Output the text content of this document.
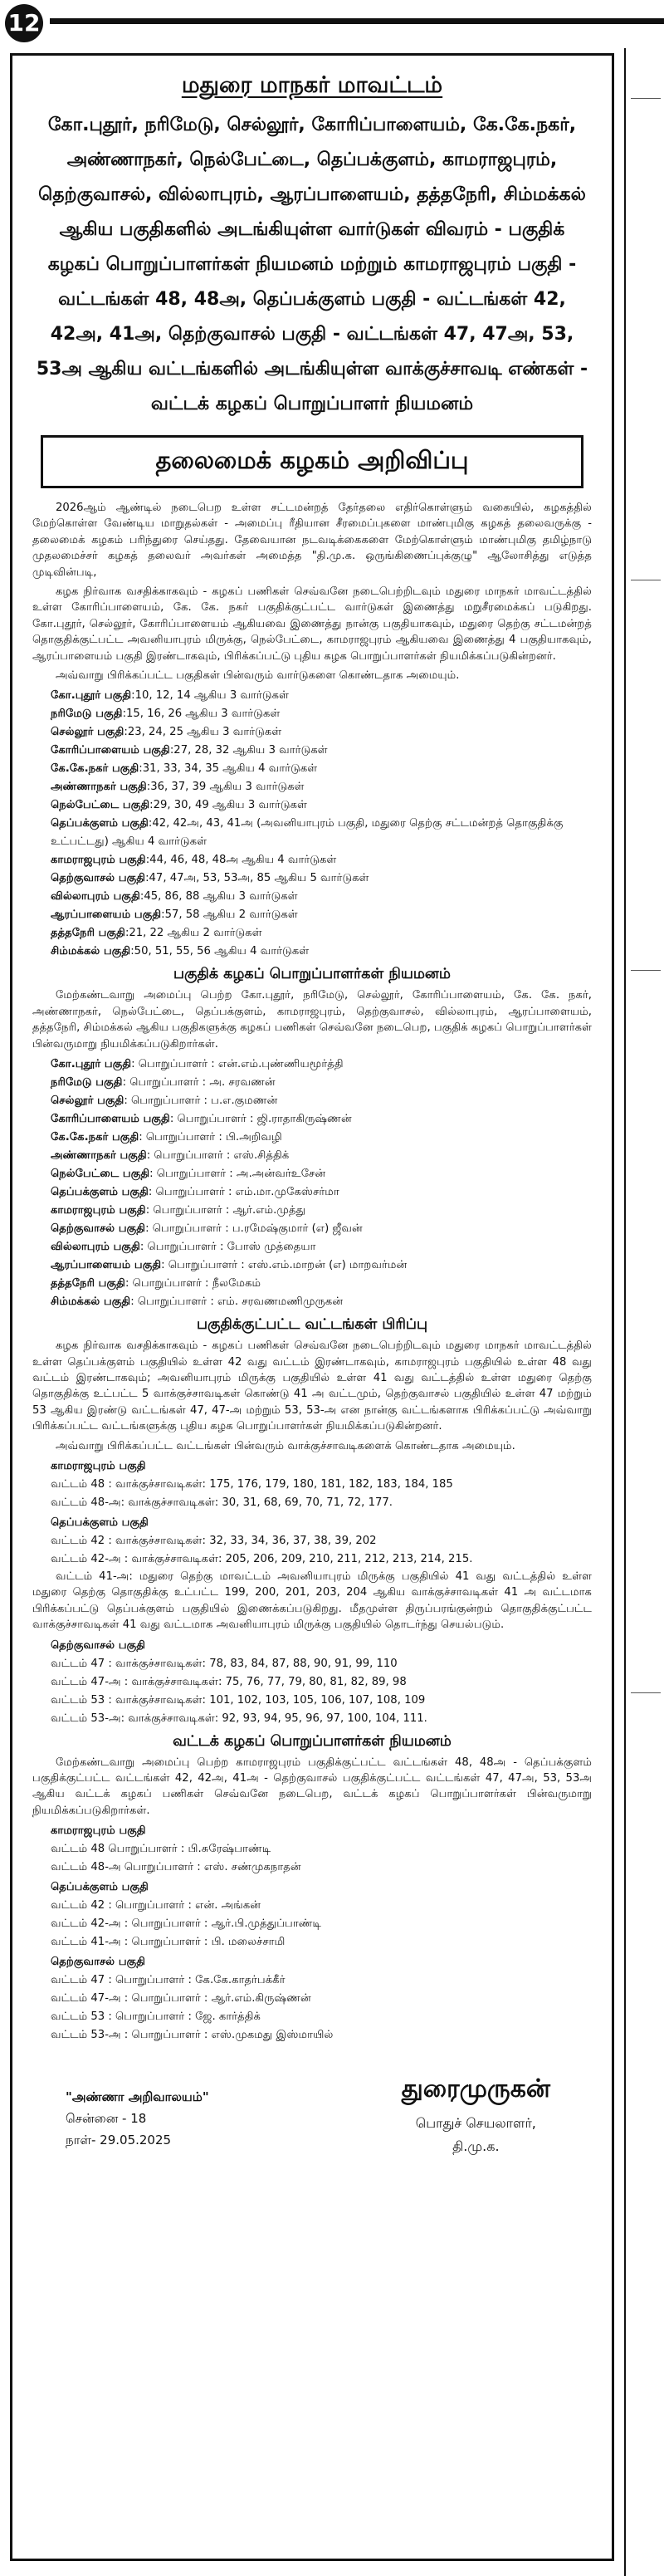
12
மதுரை மாநகர் மாவட்டம்
கோ.புதூர், நரிமேடு, செல்லூர், கோரிப்பாளையம், கே.கே.நகர், அண்ணாநகர், நெல்பேட்டை, தெப்பக்குளம், காமராஜபுரம், தெற்குவாசல், வில்லாபுரம், ஆரப்பாளையம், தத்தநேரி, சிம்மக்கல் ஆகிய பகுதிகளில் அடங்கியுள்ள வார்டுகள் விவரம் - பகுதிக் கழகப் பொறுப்பாளர்கள் நியமனம் மற்றும் காமராஜபுரம் பகுதி - வட்டங்கள் 48, 48அ, தெப்பக்குளம் பகுதி - வட்டங்கள் 42, 42அ, 41அ, தெற்குவாசல் பகுதி - வட்டங்கள் 47, 47அ, 53, 53அ ஆகிய வட்டங்களில் அடங்கியுள்ள வாக்குச்சாவடி எண்கள் - வட்டக் கழகப் பொறுப்பாளர் நியமனம்
தலைமைக் கழகம் அறிவிப்பு

2026ஆம் ஆண்டில் நடைபெற உள்ள சட்டமன்றத் தேர்தலை எதிர்கொள்ளும் வகையில், கழகத்தில் மேற்கொள்ள வேண்டிய மாறுதல்கள் - அமைப்பு ரீதியான சீரமைப்புகளை மாண்புமிகு கழகத் தலைவருக்கு - தலைமைக் கழகம் பரிந்துரை செய்தது. தேவையான நடவடிக்கைகளை மேற்கொள்ளும் மாண்புமிகு தமிழ்நாடு முதலமைச்சர் கழகத் தலைவர் அவர்கள் அமைத்த "தி.மு.க. ஒருங்கிணைப்புக்குழு" ஆலோசித்து எடுத்த முடிவின்படி,

கழக நிர்வாக வசதிக்காகவும் - கழகப் பணிகள் செவ்வனே நடைபெற்றிடவும் மதுரை மாநகர் மாவட்டத்தில் உள்ள கோரிப்பாளையம், கே. கே. நகர் பகுதிக்குட்பட்ட வார்டுகள் இணைத்து மறுசீரமைக்கப் படுகிறது. கோ.புதூர், செல்லூர், கோரிப்பாளையம் ஆகியவை இணைத்து நான்கு பகுதியாகவும், மதுரை தெற்கு சட்டமன்றத் தொகுதிக்குட்பட்ட அவனியாபுரம் மிருக்கு, நெல்பேட்டை, காமராஜபுரம் ஆகியவை இணைத்து 4 பகுதியாகவும், ஆரப்பாளையம் பகுதி இரண்டாகவும், பிரிக்கப்பட்டு புதிய கழக பொறுப்பாளர்கள் நியமிக்கப்படுகின்றனர்.

அவ்வாறு பிரிக்கப்பட்ட பகுதிகள் பின்வரும் வார்டுகளை கொண்டதாக அமையும்.

கோ.புதூர் பகுதி:10, 12, 14 ஆகிய 3 வார்டுகள்
நரிமேடு பகுதி:15, 16, 26 ஆகிய 3 வார்டுகள்
செல்லூர் பகுதி:23, 24, 25 ஆகிய 3 வார்டுகள்
கோரிப்பாளையம் பகுதி:27, 28, 32 ஆகிய 3 வார்டுகள்
கே.கே.நகர் பகுதி:31, 33, 34, 35 ஆகிய 4 வார்டுகள்
அண்ணாநகர் பகுதி:36, 37, 39 ஆகிய 3 வார்டுகள்
நெல்பேட்டை பகுதி:29, 30, 49 ஆகிய 3 வார்டுகள்
தெப்பக்குளம் பகுதி:42, 42அ, 43, 41அ (அவனியாபுரம் பகுதி, மதுரை தெற்கு சட்டமன்றத் தொகுதிக்கு உட்பட்டது) ஆகிய 4 வார்டுகள்
காமராஜபுரம் பகுதி:44, 46, 48, 48அ ஆகிய 4 வார்டுகள்
தெற்குவாசல் பகுதி:47, 47அ, 53, 53அ, 85 ஆகிய 5 வார்டுகள்
வில்லாபுரம் பகுதி:45, 86, 88 ஆகிய 3 வார்டுகள்
ஆரப்பாளையம் பகுதி:57, 58 ஆகிய 2 வார்டுகள்
தத்தநேரி பகுதி:21, 22 ஆகிய 2 வார்டுகள்
சிம்மக்கல் பகுதி:50, 51, 55, 56 ஆகிய 4 வார்டுகள்
பகுதிக் கழகப் பொறுப்பாளர்கள் நியமனம்

மேற்கண்டவாறு அமைப்பு பெற்ற கோ.புதூர், நரிமேடு, செல்லூர், கோரிப்பாளையம், கே. கே. நகர், அண்ணாநகர், நெல்பேட்டை, தெப்பக்குளம், காமராஜபுரம், தெற்குவாசல், வில்லாபுரம், ஆரப்பாளையம், தத்தநேரி, சிம்மக்கல் ஆகிய பகுதிகளுக்கு கழகப் பணிகள் செவ்வனே நடைபெற, பகுதிக் கழகப் பொறுப்பாளர்கள் பின்வருமாறு நியமிக்கப்படுகிறார்கள்.

கோ.புதூர் பகுதி: பொறுப்பாளர் : என்.எம்.புண்ணியமூர்த்தி
நரிமேடு பகுதி: பொறுப்பாளர் : அ. சரவணன்
செல்லூர் பகுதி: பொறுப்பாளர் : ப.எ.குமணன்
கோரிப்பாளையம் பகுதி: பொறுப்பாளர் : ஜி.ராதாகிருஷ்ணன்
கே.கே.நகர் பகுதி: பொறுப்பாளர் : பி.அறிவழி
அண்ணாநகர் பகுதி: பொறுப்பாளர் : எஸ்.சித்திக்
நெல்பேட்டை பகுதி: பொறுப்பாளர் : அ.அன்வர்உசேன்
தெப்பக்குளம் பகுதி: பொறுப்பாளர் : எம்.மா.முகேஸ்சர்மா
காமராஜபுரம் பகுதி: பொறுப்பாளர் : ஆர்.எம்.முத்து
தெற்குவாசல் பகுதி: பொறுப்பாளர் : ப.ரமேஷ்குமார் (எ) ஜீவன்
வில்லாபுரம் பகுதி: பொறுப்பாளர் : போஸ் முத்தையா
ஆரப்பாளையம் பகுதி: பொறுப்பாளர் : எஸ்.எம்.மாறன் (எ) மாறவர்மன்
தத்தநேரி பகுதி: பொறுப்பாளர் : நீலமேகம்
சிம்மக்கல் பகுதி: பொறுப்பாளர் : எம். சரவணமணிமுருகன்
பகுதிக்குட்பட்ட வட்டங்கள் பிரிப்பு

கழக நிர்வாக வசதிக்காகவும் - கழகப் பணிகள் செவ்வனே நடைபெற்றிடவும் மதுரை மாநகர் மாவட்டத்தில் உள்ள தெப்பக்குளம் பகுதியில் உள்ள 42 வது வட்டம் இரண்டாகவும், காமராஜபுரம் பகுதியில் உள்ள 48 வது வட்டம் இரண்டாகவும்; அவனியாபுரம் மிருக்கு பகுதியில் உள்ள 41 வது வட்டத்தில் உள்ள மதுரை தெற்கு தொகுதிக்கு உட்பட்ட 5 வாக்குச்சாவடிகள் கொண்டு 41 அ வட்டமும், தெற்குவாசல் பகுதியில் உள்ள 47 மற்றும் 53 ஆகிய இரண்டு வட்டங்கள் 47, 47-அ மற்றும் 53, 53-அ என நான்கு வட்டங்களாக பிரிக்கப்பட்டு அவ்வாறு பிரிக்கப்பட்ட வட்டங்களுக்கு புதிய கழக பொறுப்பாளர்கள் நியமிக்கப்படுகின்றனர்.

அவ்வாறு பிரிக்கப்பட்ட வட்டங்கள் பின்வரும் வாக்குச்சாவடிகளைக் கொண்டதாக அமையும்.

காமராஜபுரம் பகுதி
வட்டம் 48 : வாக்குச்சாவடிகள்: 175, 176, 179, 180, 181, 182, 183, 184, 185
வட்டம் 48-அ: வாக்குச்சாவடிகள்: 30, 31, 68, 69, 70, 71, 72, 177.
தெப்பக்குளம் பகுதி
வட்டம் 42 : வாக்குச்சாவடிகள்: 32, 33, 34, 36, 37, 38, 39, 202
வட்டம் 42-அ : வாக்குச்சாவடிகள்: 205, 206, 209, 210, 211, 212, 213, 214, 215.

வட்டம் 41-அ: மதுரை தெற்கு மாவட்டம் அவனியாபுரம் மிருக்கு பகுதியில் 41 வது வட்டத்தில் உள்ள மதுரை தெற்கு தொகுதிக்கு உட்பட்ட 199, 200, 201, 203, 204 ஆகிய வாக்குச்சாவடிகள் 41 அ வட்டமாக பிரிக்கப்பட்டு தெப்பக்குளம் பகுதியில் இணைக்கப்படுகிறது. மீதமுள்ள திருப்பரங்குன்றம் தொகுதிக்குட்பட்ட வாக்குச்சாவடிகள் 41 வது வட்டமாக அவனியாபுரம் மிருக்கு பகுதியில் தொடர்ந்து செயல்படும்.

தெற்குவாசல் பகுதி
வட்டம் 47 : வாக்குச்சாவடிகள்: 78, 83, 84, 87, 88, 90, 91, 99, 110
வட்டம் 47-அ : வாக்குச்சாவடிகள்: 75, 76, 77, 79, 80, 81, 82, 89, 98
வட்டம் 53 : வாக்குச்சாவடிகள்: 101, 102, 103, 105, 106, 107, 108, 109
வட்டம் 53-அ: வாக்குச்சாவடிகள்: 92, 93, 94, 95, 96, 97, 100, 104, 111.
வட்டக் கழகப் பொறுப்பாளர்கள் நியமனம்

மேற்கண்டவாறு அமைப்பு பெற்ற காமராஜபுரம் பகுதிக்குட்பட்ட வட்டங்கள் 48, 48அ - தெப்பக்குளம் பகுதிக்குட்பட்ட வட்டங்கள் 42, 42அ, 41அ - தெற்குவாசல் பகுதிக்குட்பட்ட வட்டங்கள் 47, 47அ, 53, 53அ ஆகிய வட்டக் கழகப் பணிகள் செவ்வனே நடைபெற, வட்டக் கழகப் பொறுப்பாளர்கள் பின்வருமாறு நியமிக்கப்படுகிறார்கள்.

காமராஜபுரம் பகுதி
வட்டம் 48 பொறுப்பாளர் : பி.சுரேஷ்பாண்டி
வட்டம் 48-அ பொறுப்பாளர் : எஸ். சண்முகநாதன்
தெப்பக்குளம் பகுதி
வட்டம் 42 : பொறுப்பாளர் : என். அங்கன்
வட்டம் 42-அ : பொறுப்பாளர் : ஆர்.பி.முத்துப்பாண்டி
வட்டம் 41-அ : பொறுப்பாளர் : பி. மலைச்சாமி
தெற்குவாசல் பகுதி
வட்டம் 47 : பொறுப்பாளர் : கே.கே.காதர்பக்கீர்
வட்டம் 47-அ : பொறுப்பாளர் : ஆர்.எம்.கிருஷ்ணன்
வட்டம் 53 : பொறுப்பாளர் : ஜே. கார்த்திக்
வட்டம் 53-அ : பொறுப்பாளர் : எஸ்.முகமது இஸ்மாயில்
"அண்ணா அறிவாலயம்"
சென்னை - 18
நாள்- 29.05.2025
துரைமுருகன்
பொதுச் செயலாளர்,
தி.மு.க.
